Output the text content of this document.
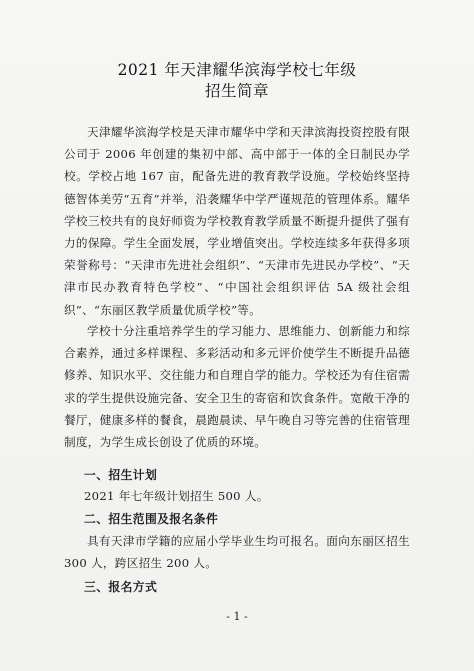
2021 年天津耀华滨海学校七年级
招生简章

天津耀华滨海学校是天津市耀华中学和天津滨海投资控股有限公司于 2006 年创建的集初中部、高中部于一体的全日制民办学校。学校占地 167 亩，配备先进的教育教学设施。学校始终坚持德智体美劳“五育”并举，沿袭耀华中学严谨规范的管理体系。耀华学校三校共有的良好师资为学校教育教学质量不断提升提供了强有力的保障。学生全面发展，学业增值突出。学校连续多年获得多项荣誉称号：“天津市先进社会组织”、“天津市先进民办学校”、“天津市民办教育特色学校”、“中国社会组织评估 5A 级社会组织”、“东丽区教学质量优质学校”等。

学校十分注重培养学生的学习能力、思维能力、创新能力和综合素养，通过多样课程、多彩活动和多元评价使学生不断提升品德修养、知识水平、交往能力和自理自学的能力。学校还为有住宿需求的学生提供设施完备、安全卫生的寄宿和饮食条件。宽敞干净的餐厅，健康多样的餐食，晨跑晨读、早午晚自习等完善的住宿管理制度，为学生成长创设了优质的环境。

一、招生计划
2021 年七年级计划招生 500 人。
二、招生范围及报名条件

具有天津市学籍的应届小学毕业生均可报名。面向东丽区招生 300 人，跨区招生 200 人。

三、报名方式
- 1 -
